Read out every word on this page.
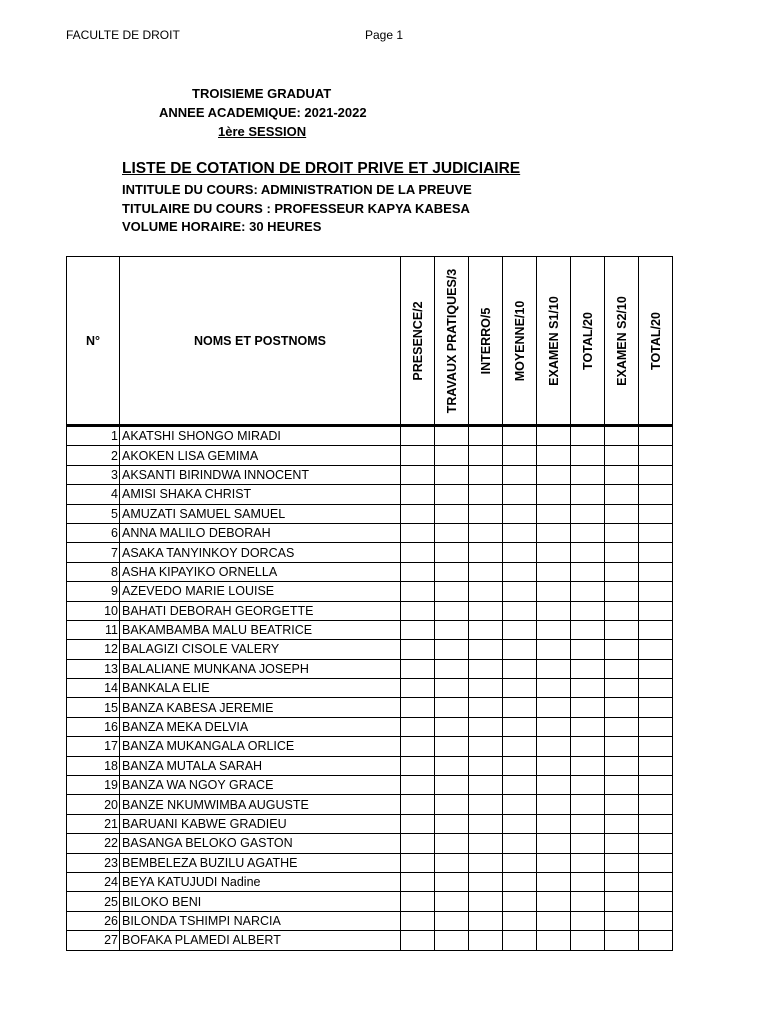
FACULTE DE DROIT	Page 1
TROISIEME GRADUAT
ANNEE ACADEMIQUE: 2021-2022
1ère SESSION
LISTE DE COTATION DE DROIT PRIVE ET JUDICIAIRE
INTITULE DU COURS: ADMINISTRATION DE LA PREUVE
TITULAIRE DU COURS : PROFESSEUR KAPYA KABESA
VOLUME HORAIRE: 30 HEURES
N°	NOMS ET POSTNOMS	PRESENCE/2	TRAVAUX PRATIQUES/3	INTERRO/5	MOYENNE/10	EXAMEN S1/10	TOTAL/20	EXAMEN S2/10	TOTAL/20

1	AKATSHI SHONGO MIRADI								
2	AKOKEN LISA GEMIMA								
3	AKSANTI BIRINDWA INNOCENT								
4	AMISI SHAKA CHRIST								
5	AMUZATI SAMUEL SAMUEL								
6	ANNA MALILO DEBORAH								
7	ASAKA TANYINKOY DORCAS								
8	ASHA KIPAYIKO ORNELLA								
9	AZEVEDO MARIE LOUISE								
10	BAHATI DEBORAH GEORGETTE								
11	BAKAMBAMBA MALU BEATRICE								
12	BALAGIZI CISOLE VALERY								
13	BALALIANE MUNKANA JOSEPH								
14	BANKALA ELIE								
15	BANZA KABESA JEREMIE								
16	BANZA MEKA DELVIA								
17	BANZA MUKANGALA ORLICE								
18	BANZA MUTALA SARAH								
19	BANZA WA NGOY GRACE								
20	BANZE NKUMWIMBA AUGUSTE								
21	BARUANI KABWE GRADIEU								
22	BASANGA BELOKO GASTON								
23	BEMBELEZA BUZILU AGATHE								
24	BEYA KATUJUDI Nadine								
25	BILOKO BENI								
26	BILONDA TSHIMPI NARCIA								
27	BOFAKA PLAMEDI ALBERT								
